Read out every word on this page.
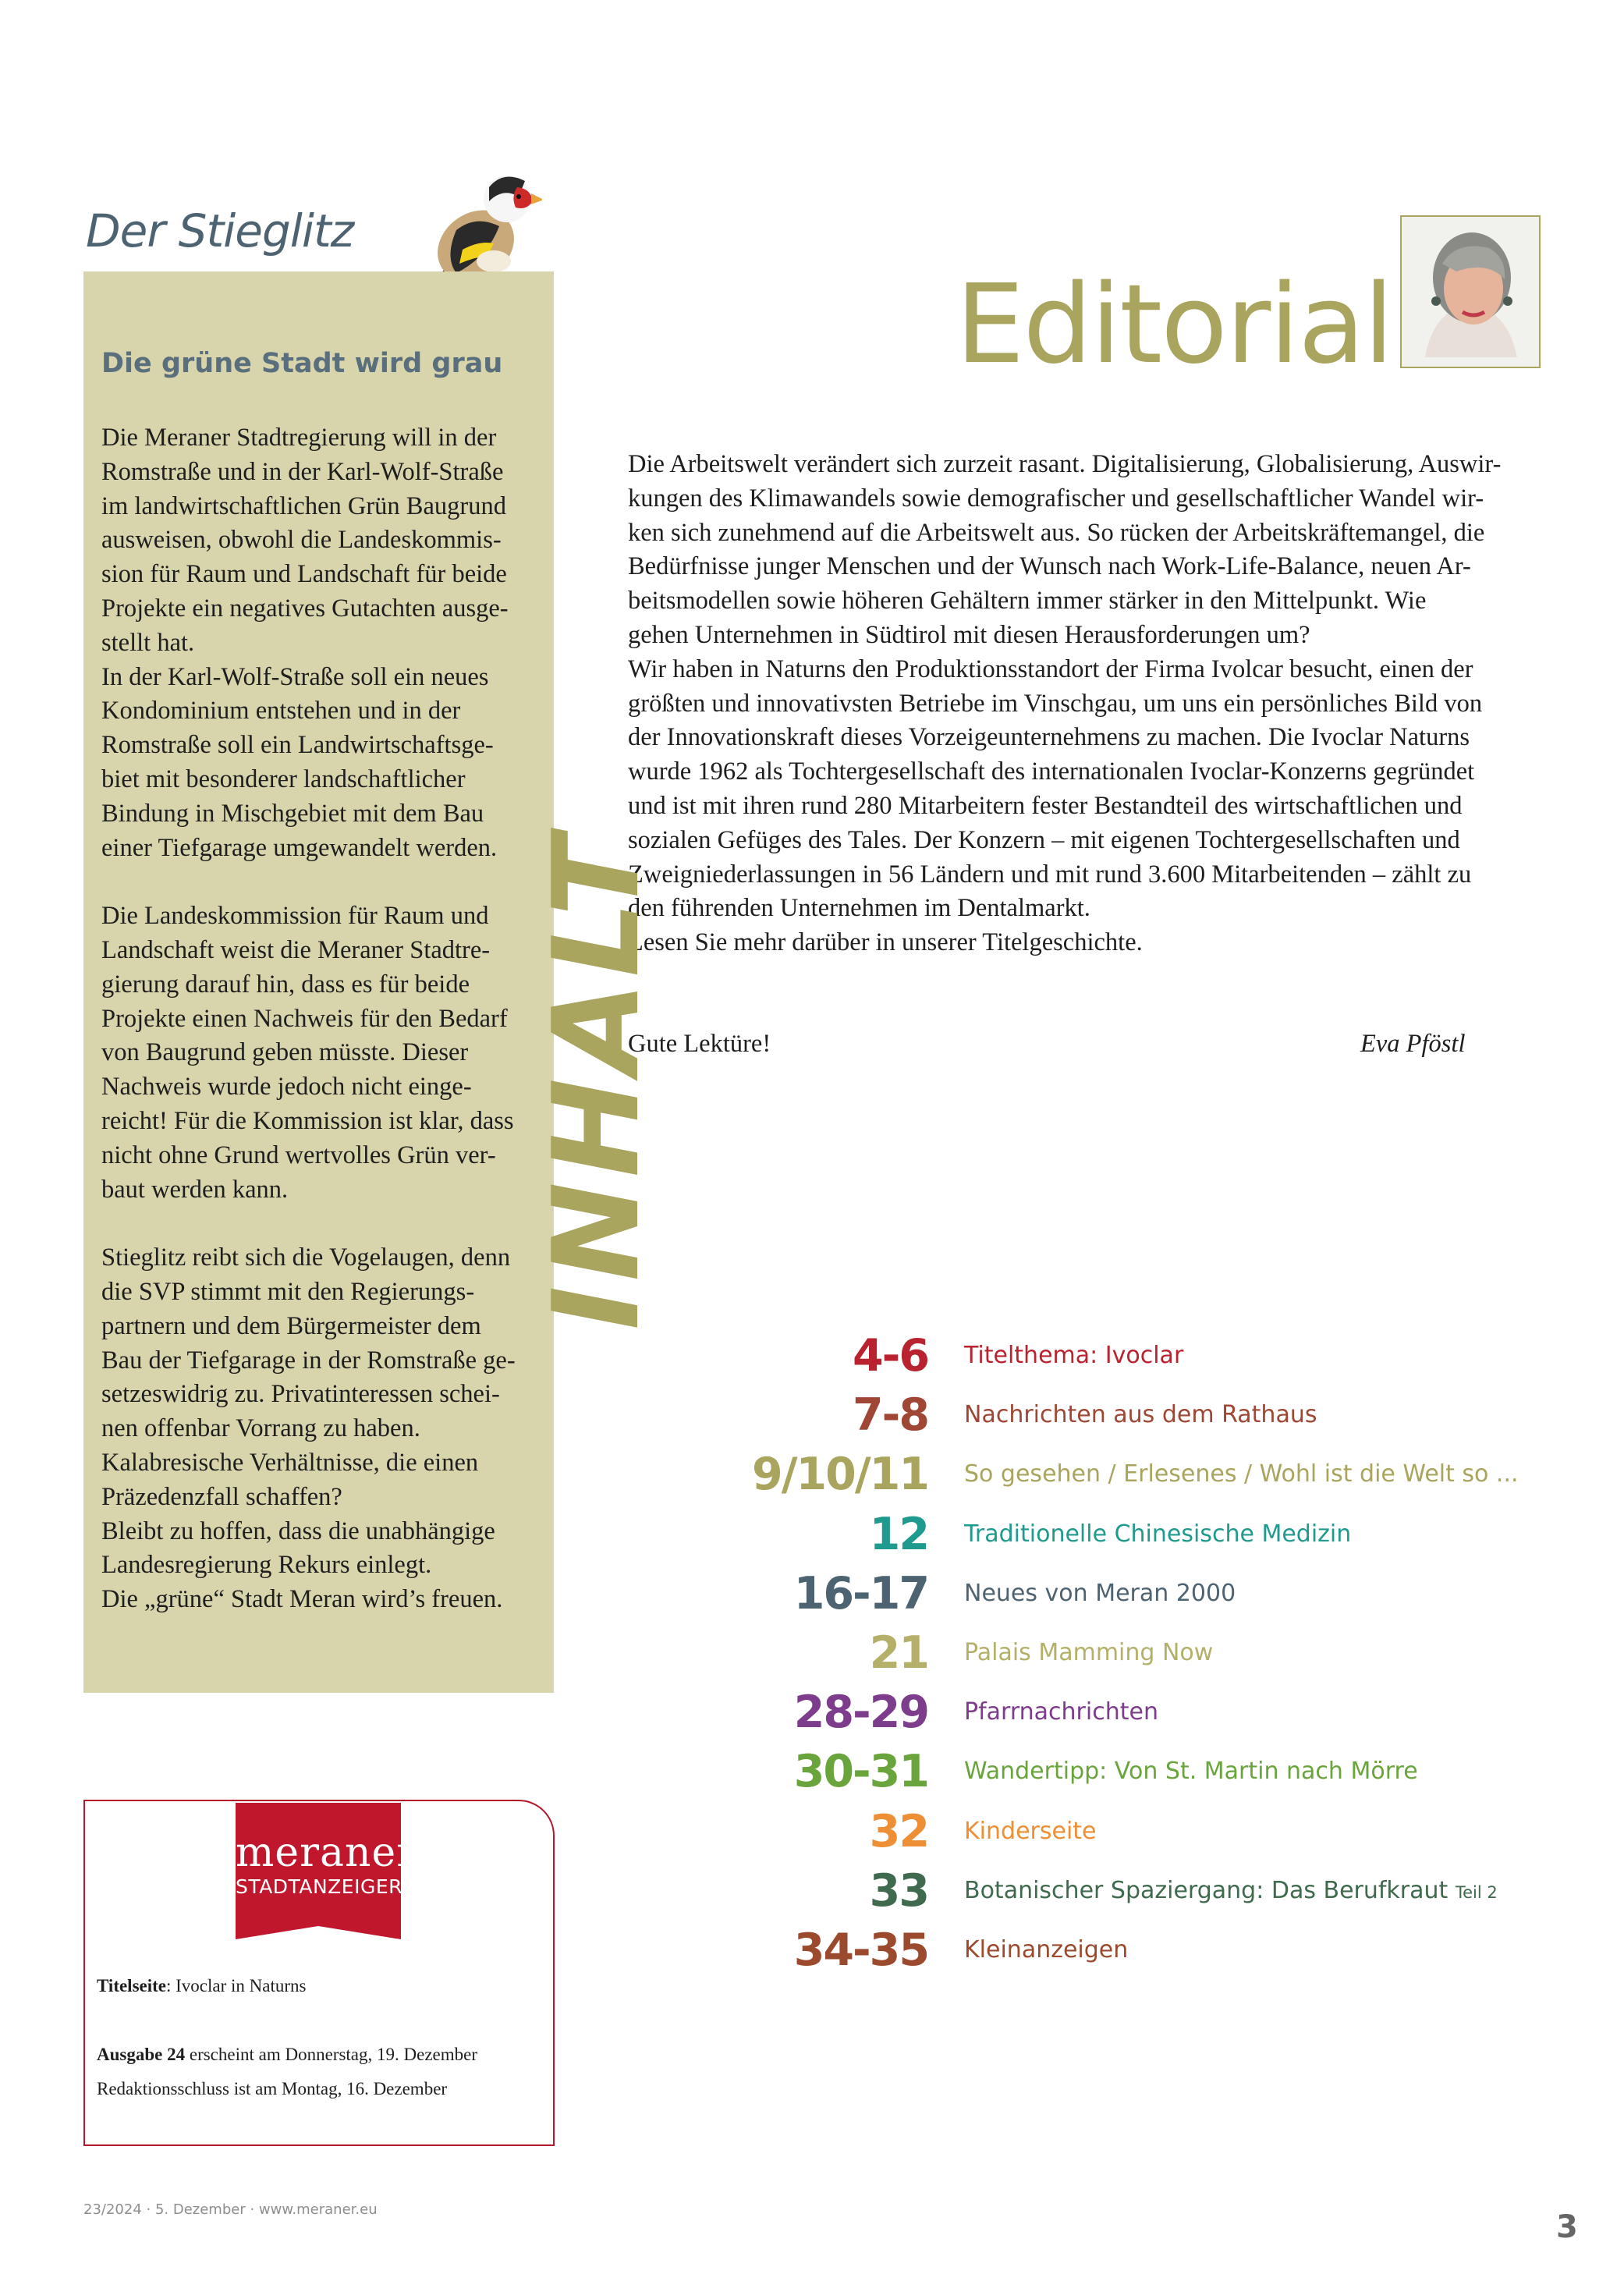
Der Stieglitz
Die grüne Stadt wird grau

Die Meraner Stadtregierung will in der
Romstraße und in der Karl-Wolf-Straße
im landwirtschaftlichen Grün Baugrund
ausweisen, obwohl die Landeskommis-
sion für Raum und Landschaft für beide
Projekte ein negatives Gutachten ausge-
stellt hat.
In der Karl-Wolf-Straße soll ein neues
Kondominium entstehen und in der
Romstraße soll ein Landwirtschaftsge-
biet mit besonderer landschaftlicher
Bindung in Mischgebiet mit dem Bau
einer Tiefgarage umgewandelt werden.

Die Landeskommission für Raum und
Landschaft weist die Meraner Stadtre-
gierung darauf hin, dass es für beide
Projekte einen Nachweis für den Bedarf
von Baugrund geben müsste. Dieser
Nachweis wurde jedoch nicht einge-
reicht! Für die Kommission ist klar, dass
nicht ohne Grund wertvolles Grün ver-
baut werden kann.

Stieglitz reibt sich die Vogelaugen, denn
die SVP stimmt mit den Regierungs-
partnern und dem Bürgermeister dem
Bau der Tiefgarage in der Romstraße ge-
setzeswidrig zu. Privatinteressen schei-
nen offenbar Vorrang zu haben.
Kalabresische Verhältnisse, die einen
Präzedenzfall schaffen?
Bleibt zu hoffen, dass die unabhängige
Landesregierung Rekurs einlegt.
Die „grüne“ Stadt Meran wird’s freuen.

Editorial
Die Arbeitswelt verändert sich zurzeit rasant. Digitalisierung, Globalisierung, Auswir-
kungen des Klimawandels sowie demografischer und gesellschaftlicher Wandel wir-
ken sich zunehmend auf die Arbeitswelt aus. So rücken der Arbeitskräftemangel, die
Bedürfnisse junger Menschen und der Wunsch nach Work-Life-Balance, neuen Ar-
beitsmodellen sowie höheren Gehältern immer stärker in den Mittelpunkt. Wie
gehen Unternehmen in Südtirol mit diesen Herausforderungen um?
Wir haben in Naturns den Produktionsstandort der Firma Ivolcar besucht, einen der
größten und innovativsten Betriebe im Vinschgau, um uns ein persönliches Bild von
der Innovationskraft dieses Vorzeigeunternehmens zu machen. Die Ivoclar Naturns
wurde 1962 als Tochtergesellschaft des internationalen Ivoclar-Konzerns gegründet
und ist mit ihren rund 280 Mitarbeitern fester Bestandteil des wirtschaftlichen und
sozialen Gefüges des Tales. Der Konzern – mit eigenen Tochtergesellschaften und
Zweigniederlassungen in 56 Ländern und mit rund 3.600 Mitarbeitenden – zählt zu
den führenden Unternehmen im Dentalmarkt.
Lesen Sie mehr darüber in unserer Titelgeschichte.
Gute Lektüre!	Eva Pföstl
INHALT
4-6 Titelthema: Ivoclar
7-8 Nachrichten aus dem Rathaus
9/10/11 So gesehen / Erlesenes / Wohl ist die Welt so ...
12 Traditionelle Chinesische Medizin
16-17 Neues von Meran 2000
21 Palais Mamming Now
28-29 Pfarrnachrichten
30-31 Wandertipp: Von St. Martin nach Mörre
32 Kinderseite
33 Botanischer Spaziergang: Das Berufkraut Teil 2
34-35 Kleinanzeigen
meraner
STADTANZEIGER
Titelseite: Ivoclar in Naturns
Ausgabe 24 erscheint am Donnerstag, 19. Dezember
Redaktionsschluss ist am Montag, 16. Dezember
23/2024 · 5. Dezember · www.meraner.eu	3
